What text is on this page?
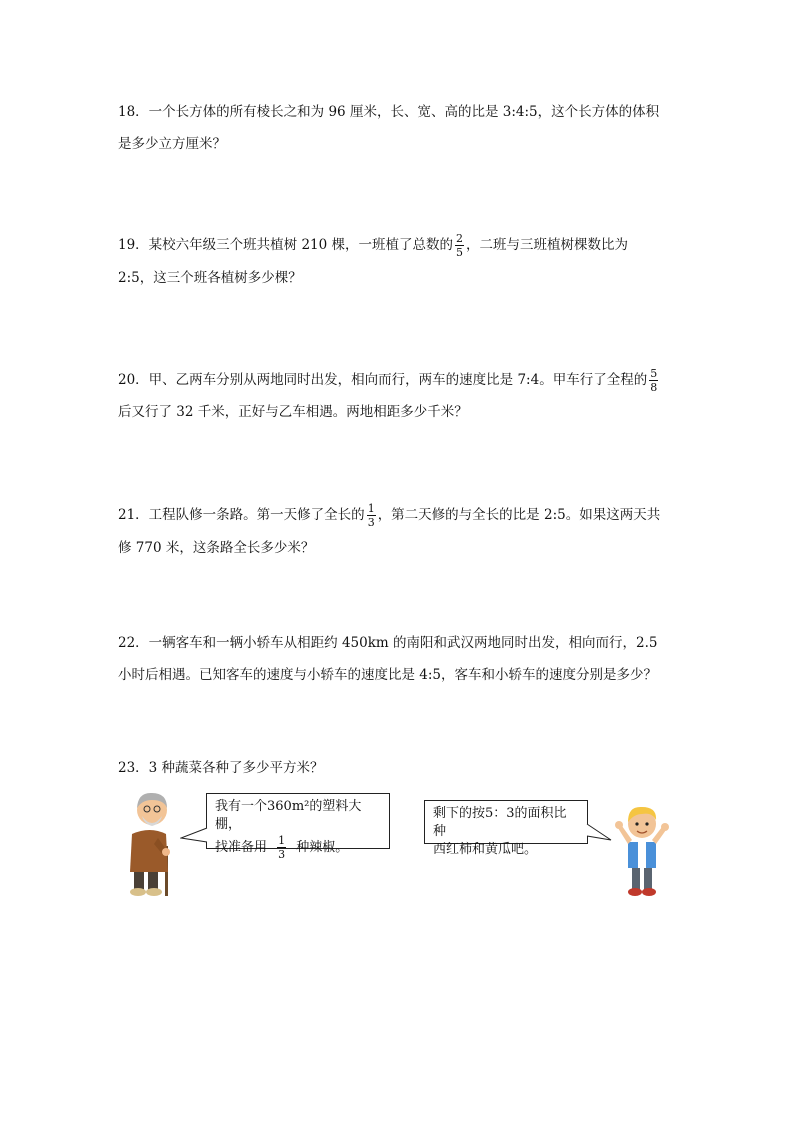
18．一个长方体的所有棱长之和为 96 厘米，长、宽、高的比是 3:4:5，这个长方体的体积
是多少立方厘米？
19．某校六年级三个班共植树 210 棵，一班植了总数的 $\frac{2}{5}$ ，二班与三班植树棵数比为
2:5，这三个班各植树多少棵？
20．甲、乙两车分别从两地同时出发，相向而行，两车的速度比是 7:4。甲车行了全程的 $\frac{5}{8}$
后又行了 32 千米，正好与乙车相遇。两地相距多少千米？
21．工程队修一条路。第一天修了全长的 $\frac{1}{3}$ ，第二天修的与全长的比是 2:5。如果这两天共
修 770 米，这条路全长多少米？
22．一辆客车和一辆小轿车从相距约 450km 的南阳和武汉两地同时出发，相向而行，2.5
小时后相遇。已知客车的速度与小轿车的速度比是 4:5，客车和小轿车的速度分别是多少？
23．3 种蔬菜各种了多少平方米？
我有一个360m²的塑料大棚，
找准备用 $\frac{1}{3}$ 种辣椒。
剩下的按5：3的面积比种
西红柿和黄瓜吧。
